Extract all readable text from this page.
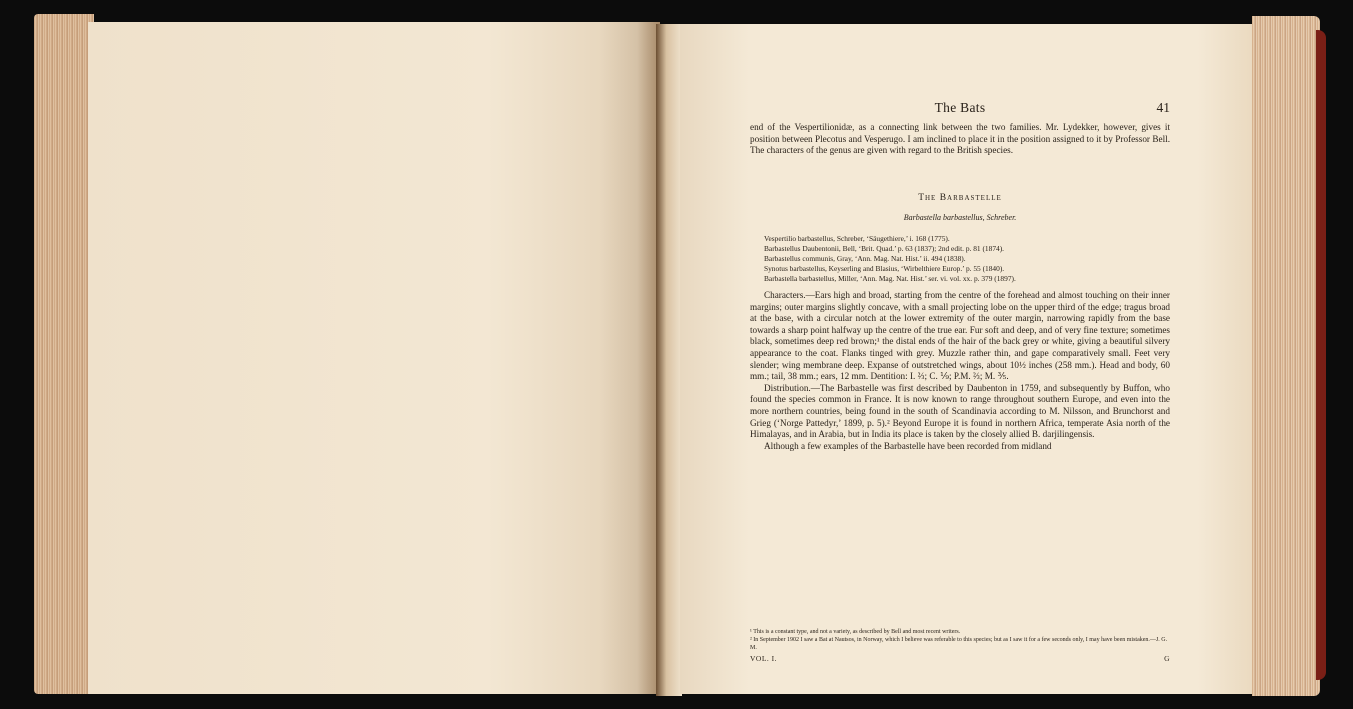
The Bats	41

end of the Vespertilionidæ, as a connecting link between the two families. Mr. Lydekker, however, gives it position between Plecotus and Vesperugo. I am inclined to place it in the position assigned to it by Professor Bell. The characters of the genus are given with regard to the British species.

The Barbastelle

Barbastella barbastellus, Schreber.

Vespertilio barbastellus, Schreber, ‘Säugethiere,’ i. 168 (1775).

Barbastellus Daubentonii, Bell, ‘Brit. Quad.’ p. 63 (1837); 2nd edit. p. 81 (1874).

Barbastellus communis, Gray, ‘Ann. Mag. Nat. Hist.’ ii. 494 (1838).

Synotus barbastellus, Keyserling and Blasius, ‘Wirbelthiere Europ.’ p. 55 (1840).

Barbastella barbastellus, Miller, ‘Ann. Mag. Nat. Hist.’ ser. vi. vol. xx. p. 379 (1897).

Characters.—Ears high and broad, starting from the centre of the forehead and almost touching on their inner margins; outer margins slightly concave, with a small projecting lobe on the upper third of the edge; tragus broad at the base, with a circular notch at the lower extremity of the outer margin, narrowing rapidly from the base towards a sharp point halfway up the centre of the true ear. Fur soft and deep, and of very fine texture; sometimes black, sometimes deep red brown;¹ the distal ends of the hair of the back grey or white, giving a beautiful silvery appearance to the coat. Flanks tinged with grey. Muzzle rather thin, and gape comparatively small. Feet very slender; wing membrane deep. Expanse of outstretched wings, about 10½ inches (258 mm.). Head and body, 60 mm.; tail, 38 mm.; ears, 12 mm. Dentition: I. ⅔; C. ⅑; P.M. ⅔; M. ⅗.

Distribution.—The Barbastelle was first described by Daubenton in 1759, and subsequently by Buffon, who found the species common in France. It is now known to range throughout southern Europe, and even into the more northern countries, being found in the south of Scandinavia according to M. Nilsson, and Brunchorst and Grieg (‘Norge Pattedyr,’ 1899, p. 5).² Beyond Europe it is found in northern Africa, temperate Asia north of the Himalayas, and in Arabia, but in India its place is taken by the closely allied B. darjilingensis.

Although a few examples of the Barbastelle have been recorded from midland

¹ This is a constant type, and not a variety, as described by Bell and most recent writers.

² In September 1902 I saw a Bat at Nautsos, in Norway, which I believe was referable to this species; but as I saw it for a few seconds only, I may have been mistaken.—J. G. M.

VOL. I.	G
